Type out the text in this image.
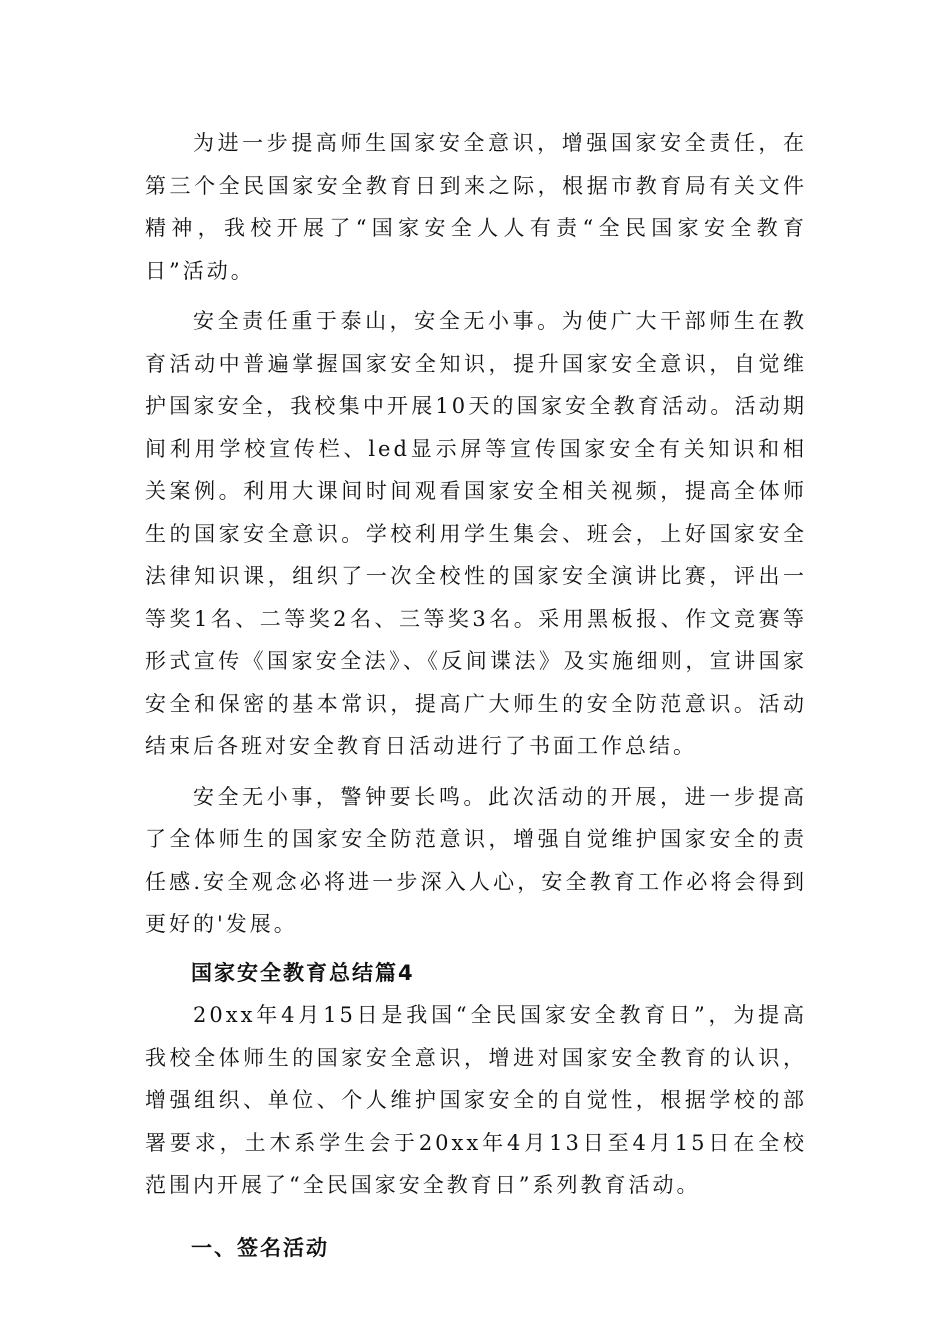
为进一步提高师生国家安全意识，增强国家安全责任，在第三个全民国家安全教育日到来之际，根据市教育局有关文件精神，我校开展了“国家安全人人有责“全民国家安全教育日”活动。

安全责任重于泰山，安全无小事。为使广大干部师生在教育活动中普遍掌握国家安全知识，提升国家安全意识，自觉维护国家安全，我校集中开展10天的国家安全教育活动。活动期间利用学校宣传栏、led显示屏等宣传国家安全有关知识和相关案例。利用大课间时间观看国家安全相关视频，提高全体师生的国家安全意识。学校利用学生集会、班会，上好国家安全法律知识课，组织了一次全校性的国家安全演讲比赛，评出一等奖1名、二等奖2名、三等奖3名。采用黑板报、作文竞赛等形式宣传《国家安全法》、《反间谍法》及实施细则，宣讲国家安全和保密的基本常识，提高广大师生的安全防范意识。活动结束后各班对安全教育日活动进行了书面工作总结。

安全无小事，警钟要长鸣。此次活动的开展，进一步提高了全体师生的国家安全防范意识，增强自觉维护国家安全的责任感.安全观念必将进一步深入人心，安全教育工作必将会得到更好的'发展。

国家安全教育总结篇4

20xx年4月15日是我国“全民国家安全教育日”，为提高我校全体师生的国家安全意识，增进对国家安全教育的认识，增强组织、单位、个人维护国家安全的自觉性，根据学校的部署要求，土木系学生会于20xx年4月13日至4月15日在全校范围内开展了“全民国家安全教育日”系列教育活动。

一、签名活动
